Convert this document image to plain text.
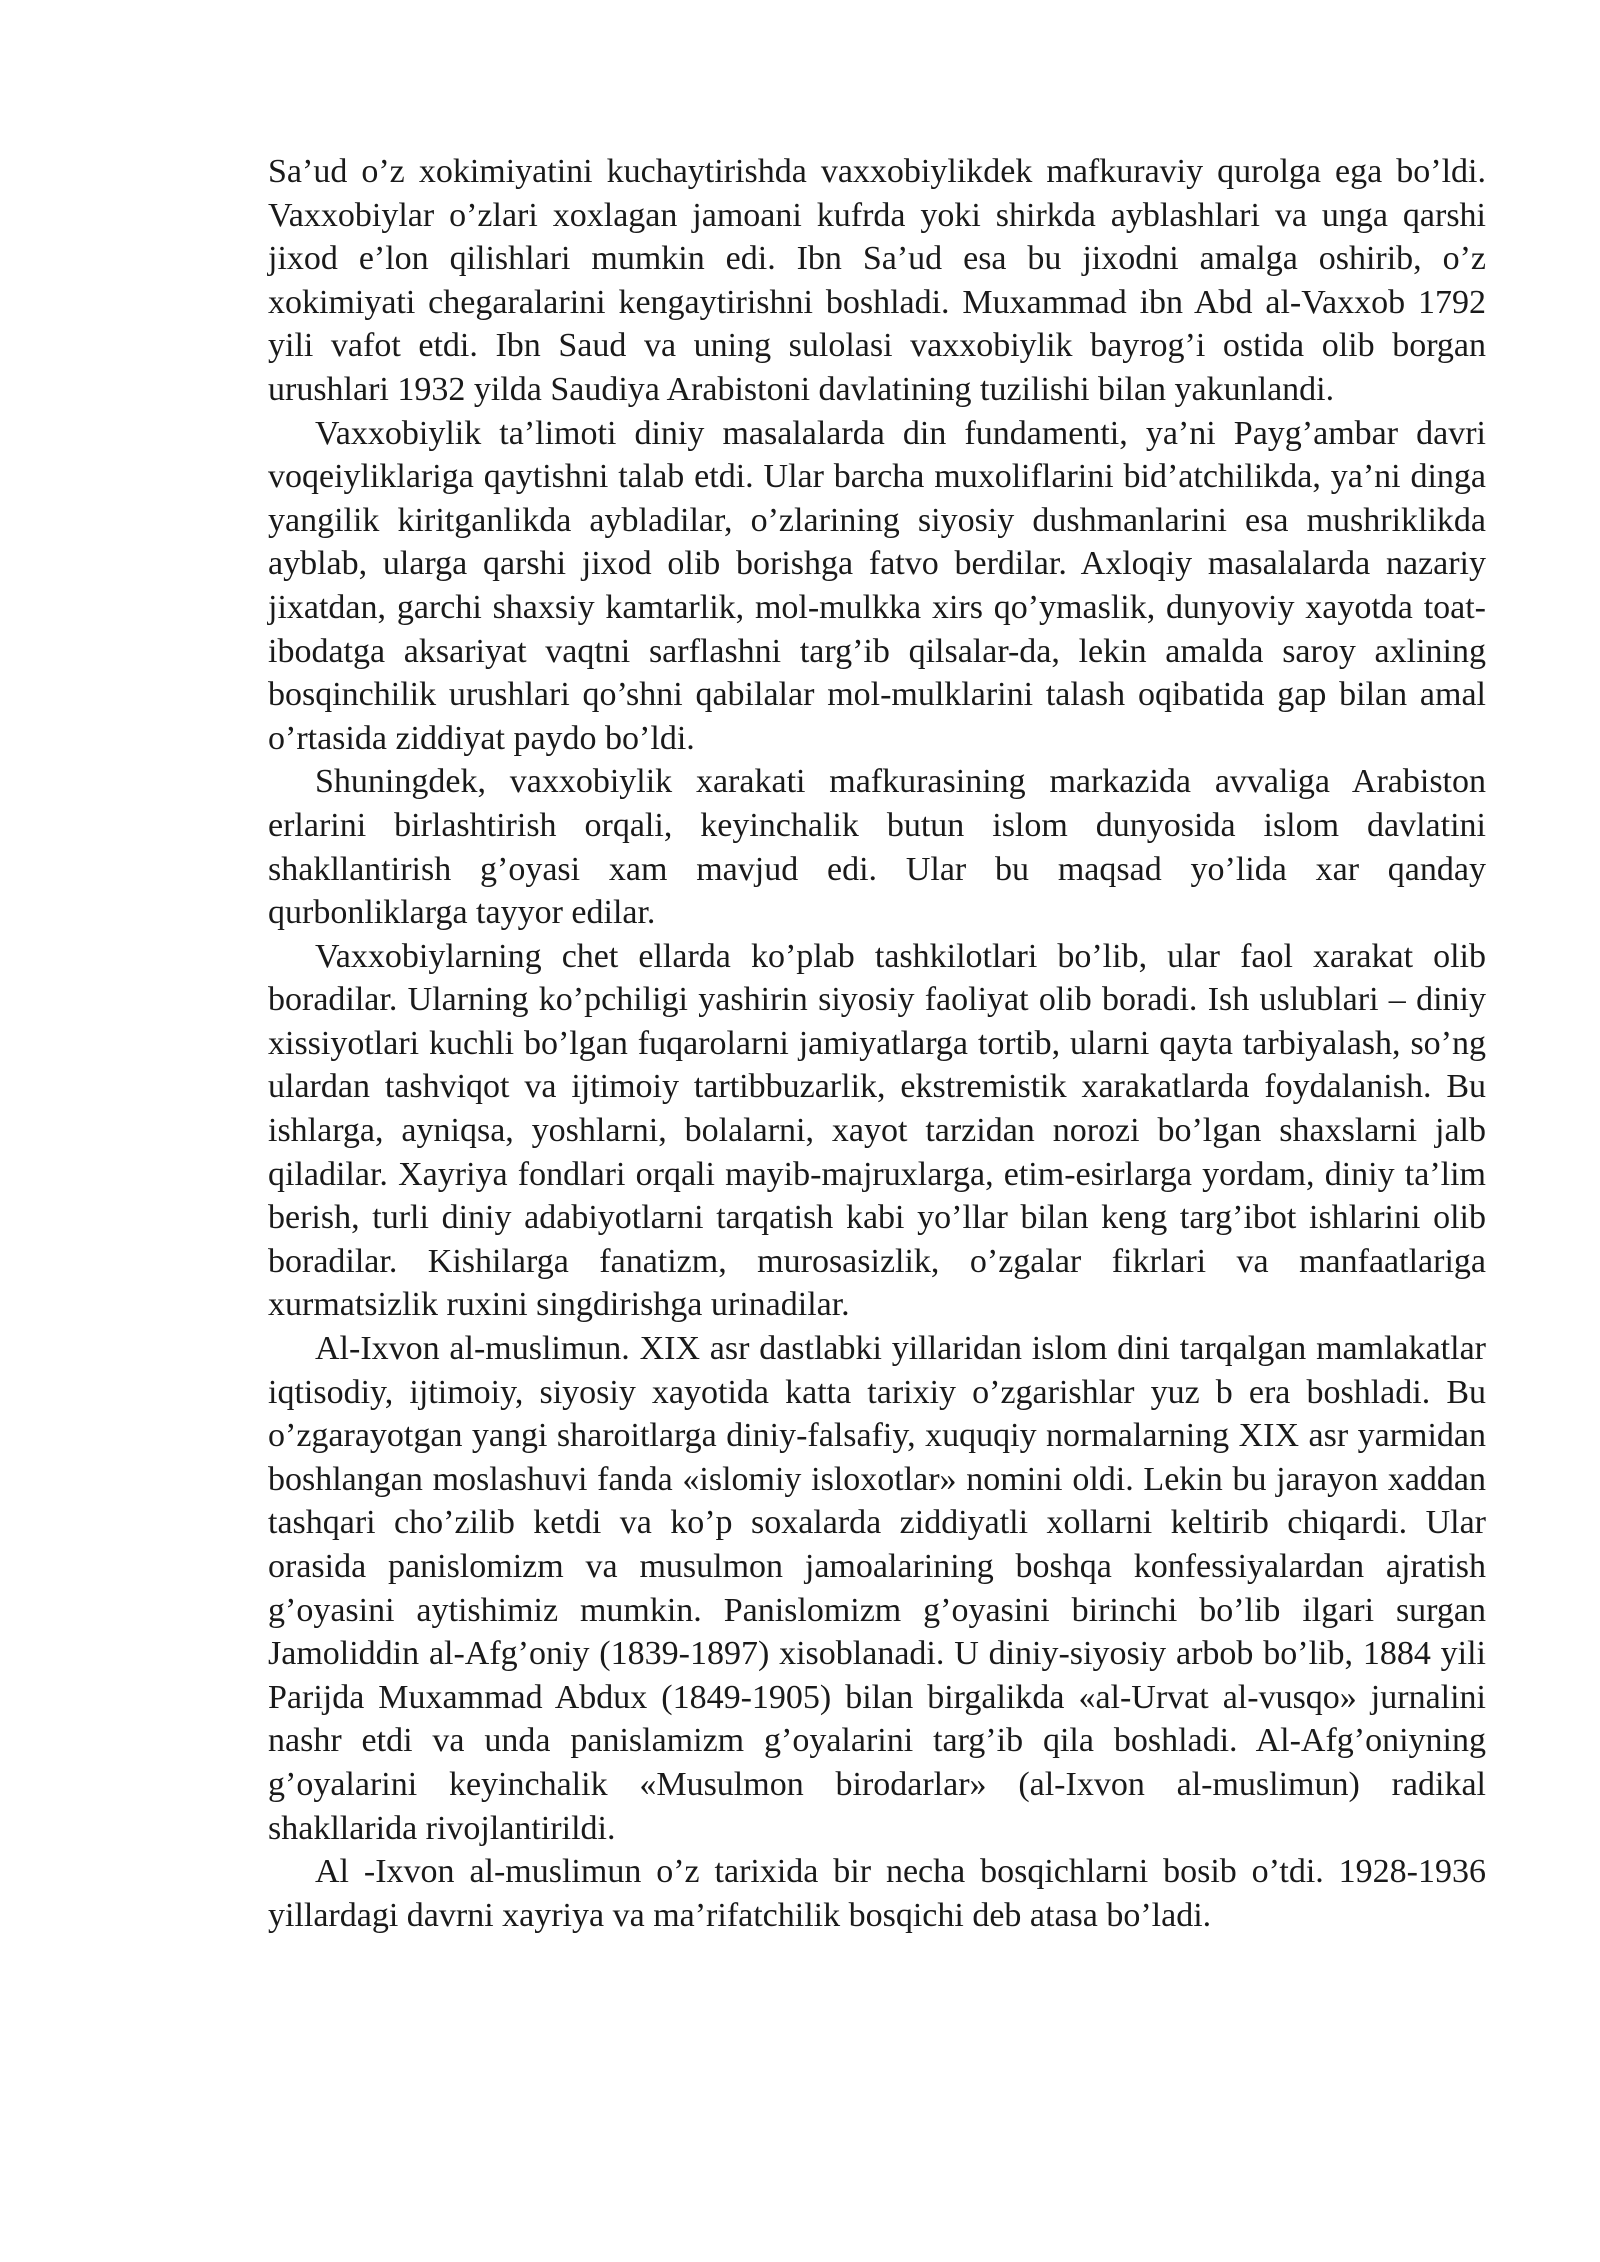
Sa’ud o’z xokimiyatini kuchaytirishda vaxxobiylikdek mafkuraviy qurolga ega bo’ldi. Vaxxobiylar o’zlari xoxlagan jamoani kufrda yoki shirkda ayblashlari va unga qarshi jixod e’lon qilishlari mumkin edi. Ibn Sa’ud esa bu jixodni amalga oshirib, o’z xokimiyati chegaralarini kengaytirishni boshladi. Muxammad ibn Abd al-Vaxxob 1792 yili vafot etdi. Ibn Saud va uning sulolasi vaxxobiylik bayrog’i ostida olib borgan urushlari 1932 yilda Saudiya Arabistoni davlatining tuzilishi bilan yakunlandi.

Vaxxobiylik ta’limoti diniy masalalarda din fundamenti, ya’ni Payg’ambar davri voqeiyliklariga qaytishni talab etdi. Ular barcha muxoliflarini bid’atchilikda, ya’ni dinga yangilik kiritganlikda aybladilar, o’zlarining siyosiy dushmanlarini esa mushriklikda ayblab, ularga qarshi jixod olib borishga fatvo berdilar. Axloqiy masalalarda nazariy jixatdan, garchi shaxsiy kamtarlik, mol-mulkka xirs qo’ymaslik, dunyoviy xayotda toat-ibodatga aksariyat vaqtni sarflashni targ’ib qilsalar-da, lekin amalda saroy axlining bosqinchilik urushlari qo’shni qabilalar mol-mulklarini talash oqibatida gap bilan amal o’rtasida ziddiyat paydo bo’ldi.

Shuningdek, vaxxobiylik xarakati mafkurasining markazida avvaliga Arabiston erlarini birlashtirish orqali, keyinchalik butun islom dunyosida islom davlatini shakllantirish g’oyasi xam mavjud edi. Ular bu maqsad yo’lida xar qanday qurbonliklarga tayyor edilar.

Vaxxobiylarning chet ellarda ko’plab tashkilotlari bo’lib, ular faol xarakat olib boradilar. Ularning ko’pchiligi yashirin siyosiy faoliyat olib boradi. Ish uslublari – diniy xissiyotlari kuchli bo’lgan fuqarolarni jamiyatlarga tortib, ularni qayta tarbiyalash, so’ng ulardan tashviqot va ijtimoiy tartibbuzarlik, ekstremistik xarakatlarda foydalanish. Bu ishlarga, ayniqsa, yoshlarni, bolalarni, xayot tarzidan norozi bo’lgan shaxslarni jalb qiladilar. Xayriya fondlari orqali mayib-majruxlarga, etim-esirlarga yordam, diniy ta’lim berish, turli diniy adabiyotlarni tarqatish kabi yo’llar bilan keng targ’ibot ishlarini olib boradilar. Kishilarga fanatizm, murosasizlik, o’zgalar fikrlari va manfaatlariga xurmatsizlik ruxini singdirishga urinadilar.

Al-Ixvon al-muslimun. XIX asr dastlabki yillaridan islom dini tarqalgan mamlakatlar iqtisodiy, ijtimoiy, siyosiy xayotida katta tarixiy o’zgarishlar yuz b era boshladi. Bu o’zgarayotgan yangi sharoitlarga diniy-falsafiy, xuquqiy normalarning XIX asr yarmidan boshlangan moslashuvi fanda «islomiy isloxotlar» nomini oldi. Lekin bu jarayon xaddan tashqari cho’zilib ketdi va ko’p soxalarda ziddiyatli xollarni keltirib chiqardi. Ular orasida panislomizm va musulmon jamoalarining boshqa konfessiyalardan ajratish g’oyasini aytishimiz mumkin. Panislomizm g’oyasini birinchi bo’lib ilgari surgan Jamoliddin al-Afg’oniy (1839-1897) xisoblanadi. U diniy-siyosiy arbob bo’lib, 1884 yili Parijda Muxammad Abdux (1849-1905) bilan birgalikda «al-Urvat al-vusqo» jurnalini nashr etdi va unda panislamizm g’oyalarini targ’ib qila boshladi. Al-Afg’oniyning g’oyalarini keyinchalik «Musulmon birodarlar» (al-Ixvon al-muslimun) radikal shakllarida rivojlantirildi.

Al -Ixvon al-muslimun o’z tarixida bir necha bosqichlarni bosib o’tdi. 1928-1936 yillardagi davrni xayriya va ma’rifatchilik bosqichi deb atasa bo’ladi.
